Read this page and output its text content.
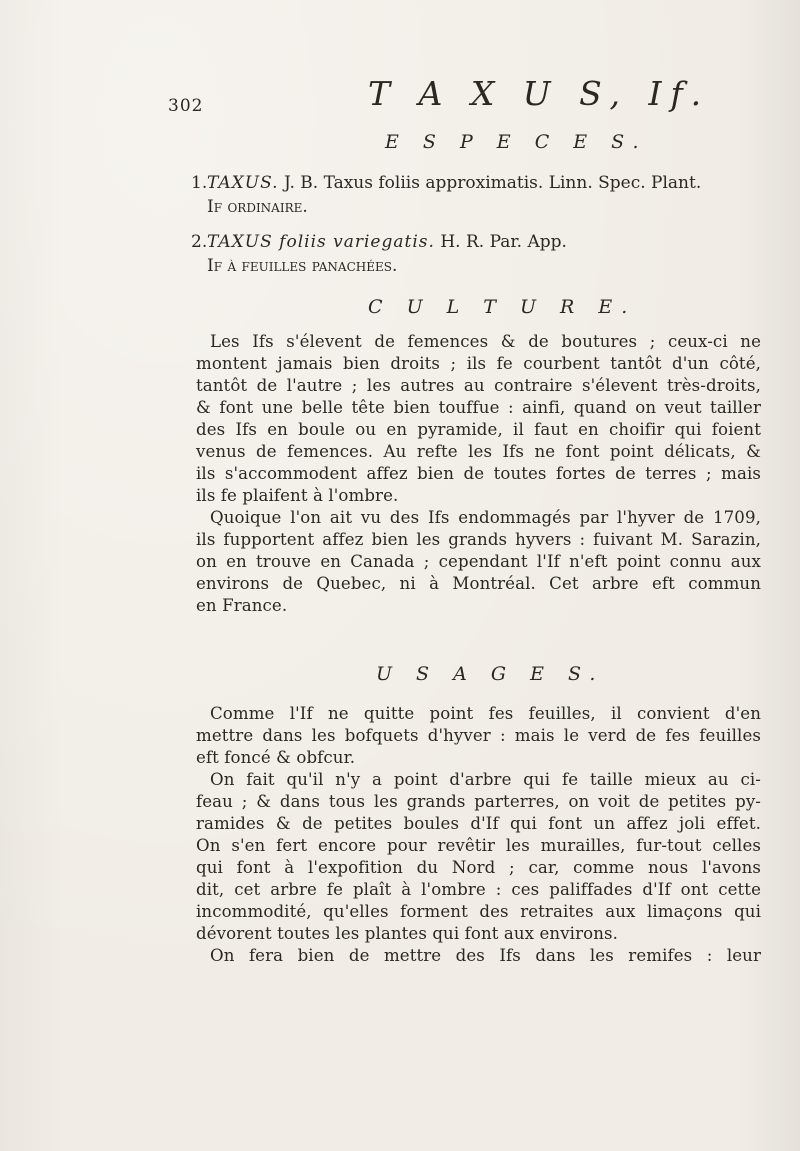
302	T A X U S, If.
E S P E C E S.
1.TAXUS. J. B. Taxus foliis approximatis. Linn. Spec. Plant.
If ordinaire.
2.TAXUS foliis variegatis. H. R. Par. App.
If à feuilles panachées.
C U L T U R E.
Les Ifs s'élevent de femences & de boutures ; ceux-ci ne
montent jamais bien droits ; ils fe courbent tantôt d'un côté,
tantôt de l'autre ; les autres au contraire s'élevent très-droits,
& font une belle tête bien touffue : ainfi, quand on veut tailler
des Ifs en boule ou en pyramide, il faut en choifir qui foient
venus de femences. Au refte les Ifs ne font point délicats, &
ils s'accommodent affez bien de toutes fortes de terres ; mais
ils fe plaifent à l'ombre.
Quoique l'on ait vu des Ifs endommagés par l'hyver de 1709,
ils fupportent affez bien les grands hyvers : fuivant M. Sarazin,
on en trouve en Canada ; cependant l'If n'eft point connu aux
environs de Quebec, ni à Montréal. Cet arbre eft commun
en France.
U S A G E S.
Comme l'If ne quitte point fes feuilles, il convient d'en
mettre dans les bofquets d'hyver : mais le verd de fes feuilles
eft foncé & obfcur.
On fait qu'il n'y a point d'arbre qui fe taille mieux au ci-
feau ; & dans tous les grands parterres, on voit de petites py-
ramides & de petites boules d'If qui font un affez joli effet.
On s'en fert encore pour revêtir les murailles, fur-tout celles
qui font à l'expofition du Nord ; car, comme nous l'avons
dit, cet arbre fe plaît à l'ombre : ces paliffades d'If ont cette
incommodité, qu'elles forment des retraites aux limaçons qui
dévorent toutes les plantes qui font aux environs.
On fera bien de mettre des Ifs dans les remifes : leur
